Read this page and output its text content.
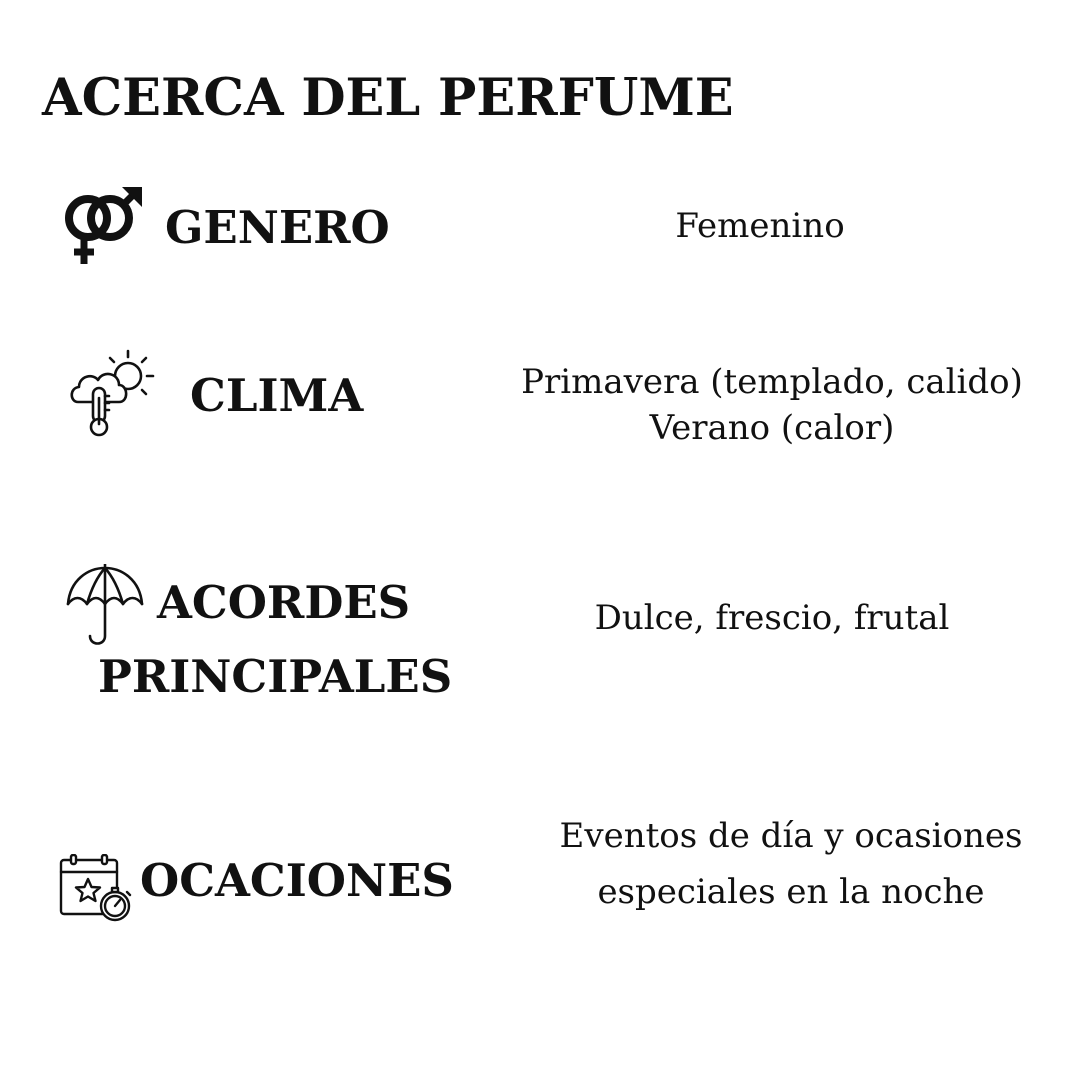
ACERCA DEL PERFUME
GENERO	Femenino
CLIMA	Primavera (templado, calido)
Verano (calor)
ACORDES
PRINCIPALES
Dulce, frescio, frutal
OCACIONES
Eventos de día y ocasiones
especiales en la noche
